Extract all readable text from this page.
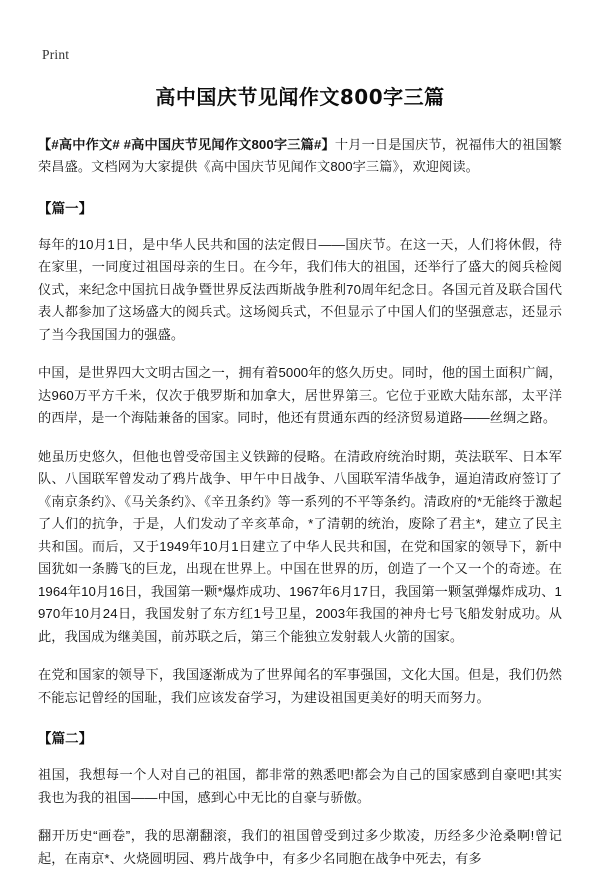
Print
高中国庆节见闻作文800字三篇

【#高中作文# #高中国庆节见闻作文800字三篇#】十月一日是国庆节，祝福伟大的祖国繁荣昌盛。文档网为大家提供《高中国庆节见闻作文800字三篇》，欢迎阅读。

【篇一】

每年的10月1日，是中华人民共和国的法定假日——国庆节。在这一天，人们将休假，待在家里，一同度过祖国母亲的生日。在今年，我们伟大的祖国，还举行了盛大的阅兵检阅仪式，来纪念中国抗日战争暨世界反法西斯战争胜利70周年纪念日。各国元首及联合国代表人都参加了这场盛大的阅兵式。这场阅兵式，不但显示了中国人们的坚强意志，还显示了当今我国国力的强盛。

中国，是世界四大文明古国之一，拥有着5000年的悠久历史。同时，他的国土面积广阔，达960万平方千米，仅次于俄罗斯和加拿大，居世界第三。它位于亚欧大陆东部，太平洋的西岸，是一个海陆兼备的国家。同时，他还有贯通东西的经济贸易道路——丝绸之路。

她虽历史悠久，但他也曾受帝国主义铁蹄的侵略。在清政府统治时期，英法联军、日本军队、八国联军曾发动了鸦片战争、甲午中日战争、八国联军清华战争，逼迫清政府签订了《南京条约》、《马关条约》、《辛丑条约》等一系列的不平等条约。清政府的*无能终于激起了人们的抗争，于是，人们发动了辛亥革命，*了清朝的统治，废除了君主*，建立了民主共和国。而后，又于1949年10月1日建立了中华人民共和国，在党和国家的领导下，新中国犹如一条腾飞的巨龙，出现在世界上。中国在世界的历，创造了一个又一个的奇迹。在1964年10月16日，我国第一颗*爆炸成功、1967年6月17日，我国第一颗氢弹爆炸成功、1970年10月24日，我国发射了东方红1号卫星，2003年我国的神舟七号飞船发射成功。从此，我国成为继美国，前苏联之后，第三个能独立发射载人火箭的国家。

在党和国家的领导下，我国逐渐成为了世界闻名的军事强国，文化大国。但是，我们仍然不能忘记曾经的国耻，我们应该发奋学习，为建设祖国更美好的明天而努力。

【篇二】

祖国，我想每一个人对自己的祖国，都非常的熟悉吧!都会为自己的国家感到自豪吧!其实我也为我的祖国——中国，感到心中无比的自豪与骄傲。

翻开历史“画卷”，我的思潮翻滚，我们的祖国曾受到过多少欺凌，历经多少沧桑啊!曾记起，在南京*、火烧圆明园、鸦片战争中，有多少名同胞在战争中死去，有多
